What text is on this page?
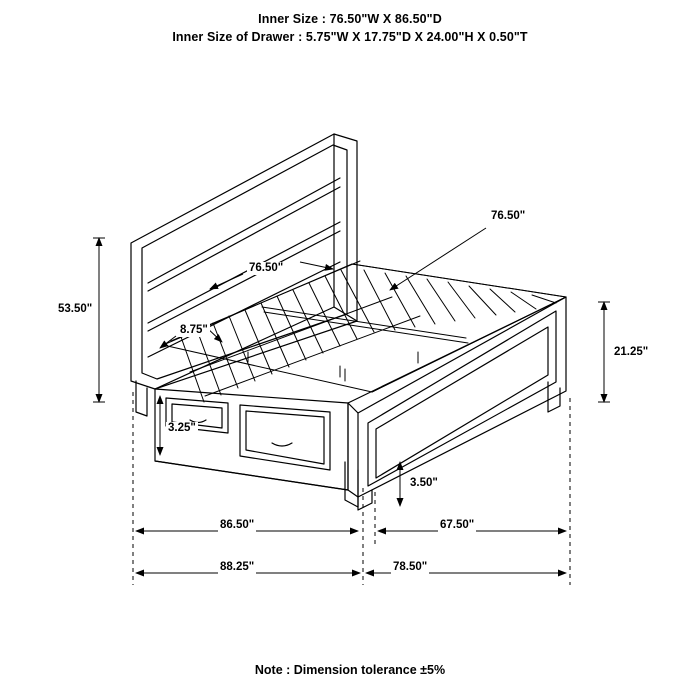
Inner Size : 76.50"W X 86.50"D
Inner Size of Drawer : 5.75"W X 17.75"D X 24.00"H X 0.50"T
53.50"
76.50"
76.50"
8.75"
3.25"
21.25"
3.50"
86.50"	67.50"
88.25"	78.50"
Note : Dimension tolerance ±5%
